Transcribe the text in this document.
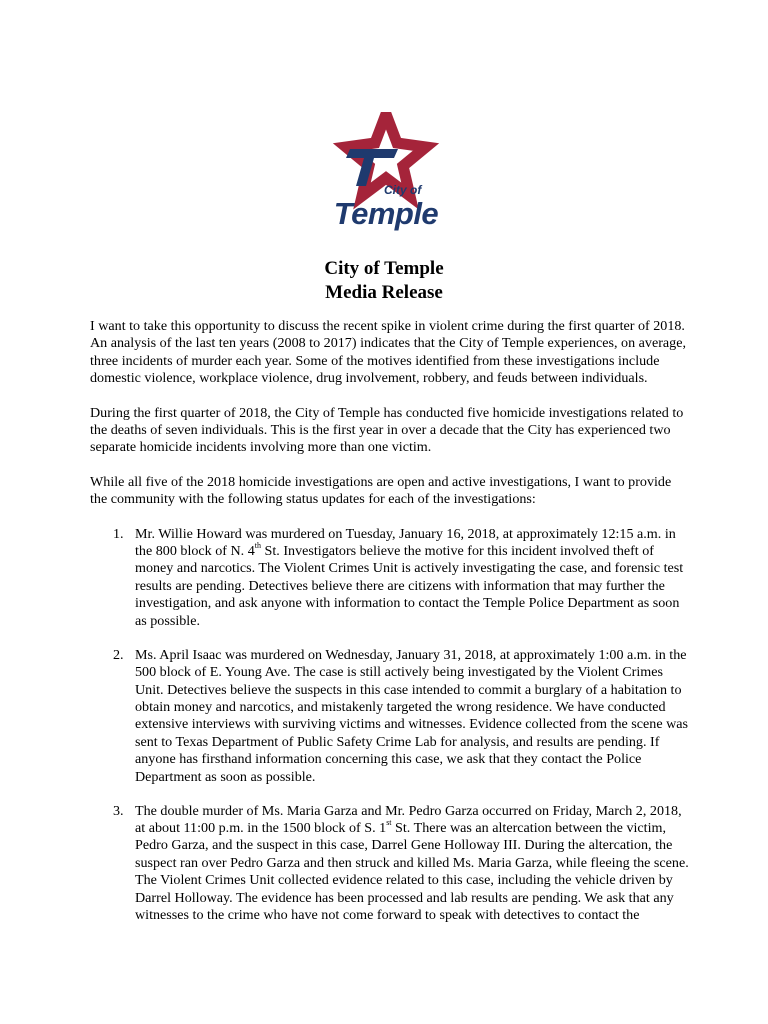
City of
Temple
City of Temple
Media Release

I want to take this opportunity to discuss the recent spike in violent crime during the first quarter of 2018. An analysis of the last ten years (2008 to 2017) indicates that the City of Temple experiences, on average, three incidents of murder each year. Some of the motives identified from these investigations include domestic violence, workplace violence, drug involvement, robbery, and feuds between individuals.

During the first quarter of 2018, the City of Temple has conducted five homicide investigations related to the deaths of seven individuals. This is the first year in over a decade that the City has experienced two separate homicide incidents involving more than one victim.

While all five of the 2018 homicide investigations are open and active investigations, I want to provide the community with the following status updates for each of the investigations:

1. Mr. Willie Howard was murdered on Tuesday, January 16, 2018, at approximately 12:15 a.m. in the 800 block of N. 4th St. Investigators believe the motive for this incident involved theft of money and narcotics. The Violent Crimes Unit is actively investigating the case, and forensic test results are pending. Detectives believe there are citizens with information that may further the investigation, and ask anyone with information to contact the Temple Police Department as soon as possible.
2. Ms. April Isaac was murdered on Wednesday, January 31, 2018, at approximately 1:00 a.m. in the 500 block of E. Young Ave. The case is still actively being investigated by the Violent Crimes Unit. Detectives believe the suspects in this case intended to commit a burglary of a habitation to obtain money and narcotics, and mistakenly targeted the wrong residence. We have conducted extensive interviews with surviving victims and witnesses. Evidence collected from the scene was sent to Texas Department of Public Safety Crime Lab for analysis, and results are pending. If anyone has firsthand information concerning this case, we ask that they contact the Police Department as soon as possible.
3. The double murder of Ms. Maria Garza and Mr. Pedro Garza occurred on Friday, March 2, 2018, at about 11:00 p.m. in the 1500 block of S. 1st St. There was an altercation between the victim, Pedro Garza, and the suspect in this case, Darrel Gene Holloway III. During the altercation, the suspect ran over Pedro Garza and then struck and killed Ms. Maria Garza, while fleeing the scene. The Violent Crimes Unit collected evidence related to this case, including the vehicle driven by Darrel Holloway. The evidence has been processed and lab results are pending. We ask that any witnesses to the crime who have not come forward to speak with detectives to contact the
